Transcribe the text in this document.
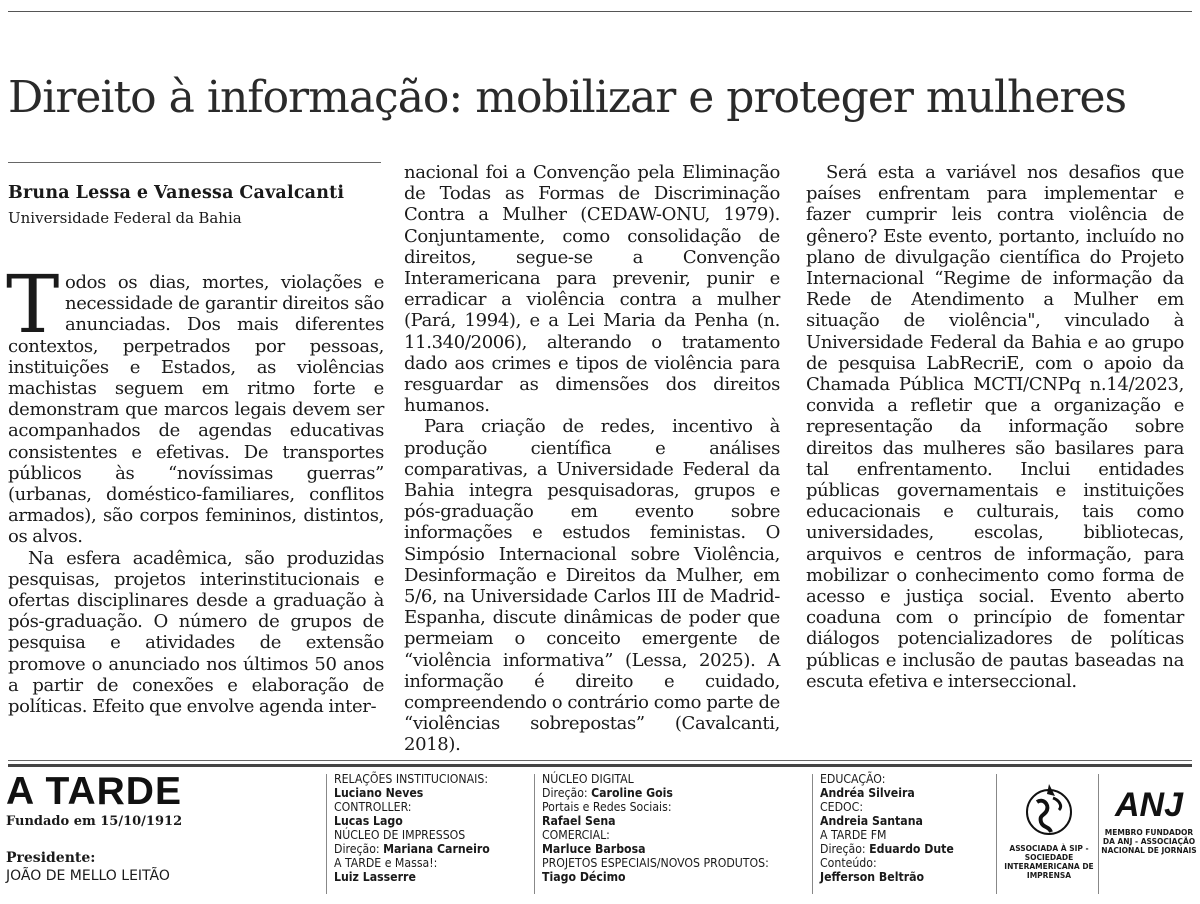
Direito à informação: mobilizar e proteger mulheres

Bruna Lessa e Vanessa Cavalcanti

Universidade Federal da Bahia

Todos os dias, mortes, violações e necessidade de garantir direitos são anunciadas. Dos mais diferentes contextos, perpetrados por pessoas, instituições e Estados, as violências machistas seguem em ritmo forte e demonstram que marcos legais devem ser acompanhados de agendas educativas consistentes e efetivas. De transportes públicos às “novíssimas guerras” (urbanas, doméstico-familiares, conflitos armados), são corpos femininos, distintos, os alvos.

Na esfera acadêmica, são produzidas pesquisas, projetos interinstitucionais e ofertas disciplinares desde a graduação à pós-graduação. O número de grupos de pesquisa e atividades de extensão promove o anunciado nos últimos 50 anos a partir de conexões e elaboração de políticas. Efeito que envolve agenda inter-

nacional foi a Convenção pela Eliminação de Todas as Formas de Discriminação Contra a Mulher (CEDAW-ONU, 1979). Conjuntamente, como consolidação de direitos, segue-se a Convenção Interamericana para prevenir, punir e erradicar a violência contra a mulher (Pará, 1994), e a Lei Maria da Penha (n. 11.340/2006), alterando o tratamento dado aos crimes e tipos de violência para resguardar as dimensões dos direitos humanos.

Para criação de redes, incentivo à produção científica e análises comparativas, a Universidade Federal da Bahia integra pesquisadoras, grupos e pós-graduação em evento sobre informações e estudos feministas. O Simpósio Internacional sobre Violência, Desinformação e Direitos da Mulher, em 5/6, na Universidade Carlos III de Madrid-Espanha, discute dinâmicas de poder que permeiam o conceito emergente de “violência informativa” (Lessa, 2025). A informação é direito e cuidado, compreendendo o contrário como parte de “violências sobrepostas” (Cavalcanti, 2018).

Será esta a variável nos desafios que países enfrentam para implementar e fazer cumprir leis contra violência de gênero? Este evento, portanto, incluído no plano de divulgação científica do Projeto Internacional “Regime de informação da Rede de Atendimento a Mulher em situação de violência", vinculado à Universidade Federal da Bahia e ao grupo de pesquisa LabRecriE, com o apoio da Chamada Pública MCTI/CNPq n.14/2023, convida a refletir que a organização e representação da informação sobre direitos das mulheres são basilares para tal enfrentamento. Inclui entidades públicas governamentais e instituições educacionais e culturais, tais como universidades, escolas, bibliotecas, arquivos e centros de informação, para mobilizar o conhecimento como forma de acesso e justiça social. Evento aberto coaduna com o princípio de fomentar diálogos potencializadores de políticas públicas e inclusão de pautas baseadas na escuta efetiva e interseccional.

A TARDE
Fundado em 15/10/1912
Presidente:
JOÃO DE MELLO LEITÃO
RELAÇÕES INSTITUCIONAIS:
Luciano Neves
CONTROLLER:
Lucas Lago
NÚCLEO DE IMPRESSOS
Direção: Mariana Carneiro
A TARDE e Massa!:
Luiz Lasserre
NÚCLEO DIGITAL
Direção: Caroline Gois
Portais e Redes Sociais:
Rafael Sena
COMERCIAL:
Marluce Barbosa
PROJETOS ESPECIAIS/NOVOS PRODUTOS:
Tiago Décimo
EDUCAÇÃO:
Andréa Silveira
CEDOC:
Andreia Santana
A TARDE FM
Direção: Eduardo Dute
Conteúdo:
Jefferson Beltrão
ASSOCIADA À SIP - SOCIEDADE INTERAMERICANA DE IMPRENSA
ANJ
MEMBRO FUNDADOR DA ANJ - ASSOCIAÇÃO NACIONAL DE JORNAIS
